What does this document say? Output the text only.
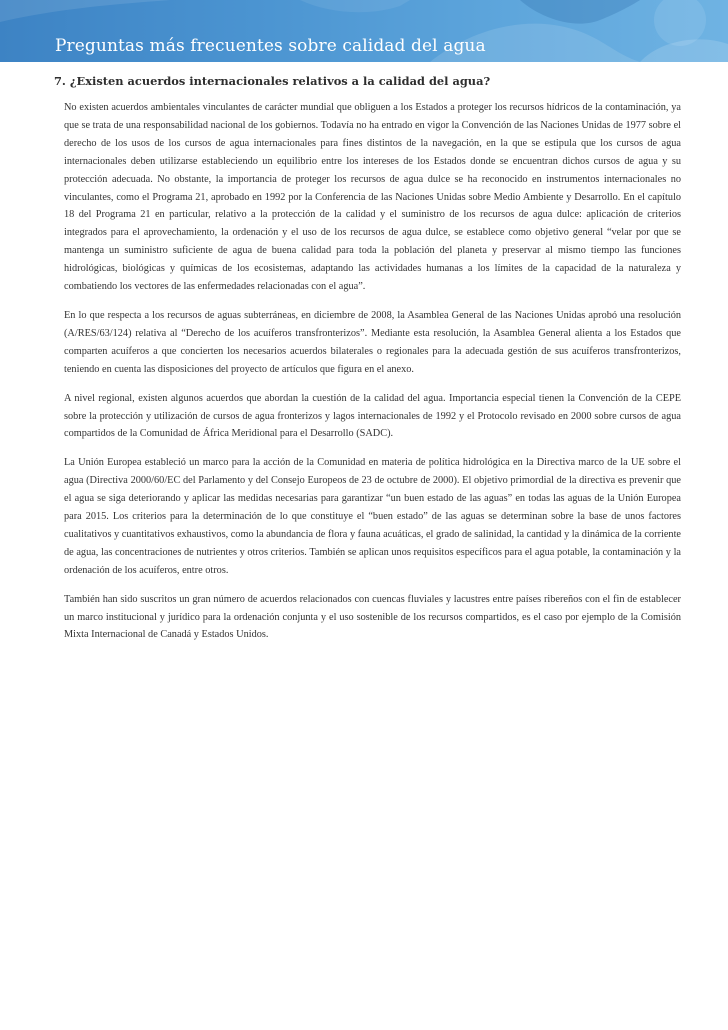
Preguntas más frecuentes sobre calidad del agua
7. ¿Existen acuerdos internacionales relativos a la calidad del agua?

No existen acuerdos ambientales vinculantes de carácter mundial que obliguen a los Estados a proteger los recursos hídricos de la contaminación, ya que se trata de una responsabilidad nacional de los gobiernos. Todavía no ha entrado en vigor la Convención de las Naciones Unidas de 1977 sobre el derecho de los usos de los cursos de agua internacionales para fines distintos de la navegación, en la que se estipula que los cursos de agua internacionales deben utilizarse estableciendo un equilibrio entre los intereses de los Estados donde se encuentran dichos cursos de agua y su protección adecuada. No obstante, la importancia de proteger los recursos de agua dulce se ha reconocido en instrumentos internacionales no vinculantes, como el Programa 21, aprobado en 1992 por la Conferencia de las Naciones Unidas sobre Medio Ambiente y Desarrollo. En el capítulo 18 del Programa 21 en particular, relativo a la protección de la calidad y el suministro de los recursos de agua dulce: aplicación de criterios integrados para el aprovechamiento, la ordenación y el uso de los recursos de agua dulce, se establece como objetivo general “velar por que se mantenga un suministro suficiente de agua de buena calidad para toda la población del planeta y preservar al mismo tiempo las funciones hidrológicas, biológicas y químicas de los ecosistemas, adaptando las actividades humanas a los límites de la capacidad de la naturaleza y combatiendo los vectores de las enfermedades relacionadas con el agua”.

En lo que respecta a los recursos de aguas subterráneas, en diciembre de 2008, la Asamblea General de las Naciones Unidas aprobó una resolución (A/RES/63/124) relativa al “Derecho de los acuíferos transfronterizos”. Mediante esta resolución, la Asamblea General alienta a los Estados que comparten acuíferos a que concierten los necesarios acuerdos bilaterales o regionales para la adecuada gestión de sus acuíferos transfronterizos, teniendo en cuenta las disposiciones del proyecto de artículos que figura en el anexo.

A nivel regional, existen algunos acuerdos que abordan la cuestión de la calidad del agua. Importancia especial tienen la Convención de la CEPE sobre la protección y utilización de cursos de agua fronterizos y lagos internacionales de 1992 y el Protocolo revisado en 2000 sobre cursos de agua compartidos de la Comunidad de África Meridional para el Desarrollo (SADC).

La Unión Europea estableció un marco para la acción de la Comunidad en materia de política hidrológica en la Directiva marco de la UE sobre el agua (Directiva 2000/60/EC del Parlamento y del Consejo Europeos de 23 de octubre de 2000). El objetivo primordial de la directiva es prevenir que el agua se siga deteriorando y aplicar las medidas necesarias para garantizar “un buen estado de las aguas” en todas las aguas de la Unión Europea para 2015. Los criterios para la determinación de lo que constituye el “buen estado” de las aguas se determinan sobre la base de unos factores cualitativos y cuantitativos exhaustivos, como la abundancia de flora y fauna acuáticas, el grado de salinidad, la cantidad y la dinámica de la corriente de agua, las concentraciones de nutrientes y otros criterios. También se aplican unos requisitos específicos para el agua potable, la contaminación y la ordenación de los acuíferos, entre otros.

También han sido suscritos un gran número de acuerdos relacionados con cuencas fluviales y lacustres entre países ribereños con el fin de establecer un marco institucional y jurídico para la ordenación conjunta y el uso sostenible de los recursos compartidos, es el caso por ejemplo de la Comisión Mixta Internacional de Canadá y Estados Unidos.
